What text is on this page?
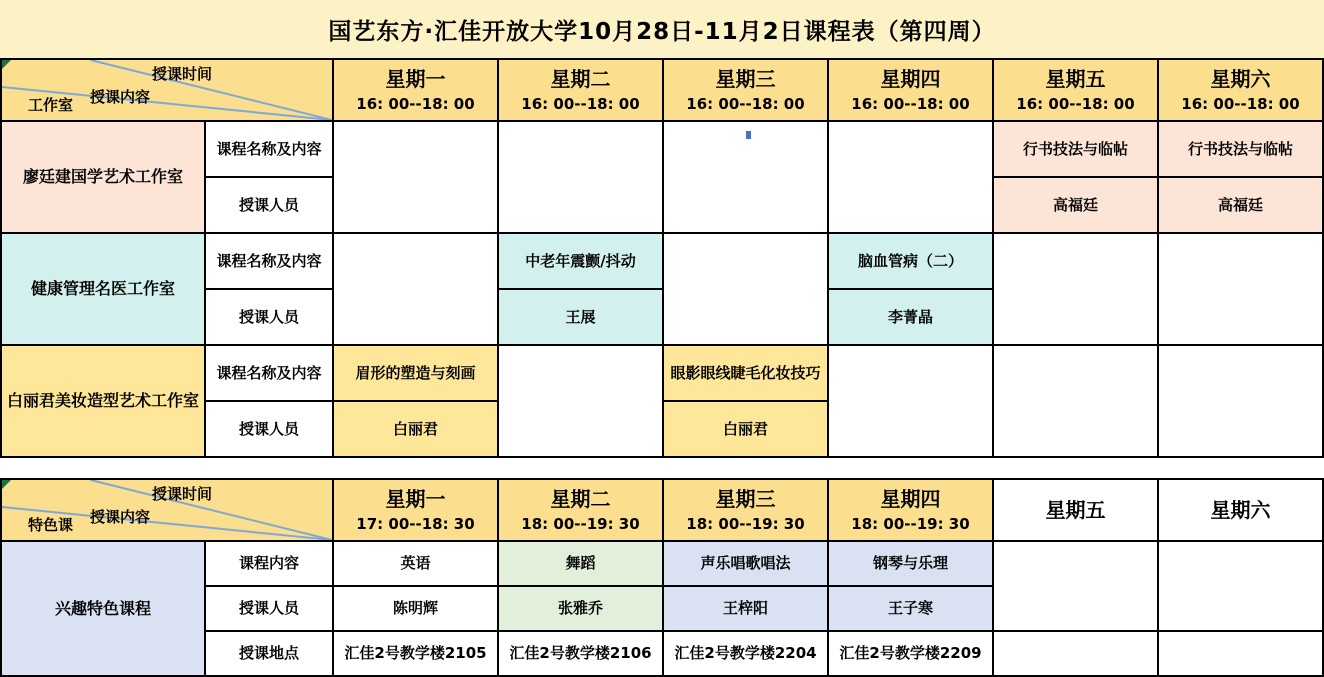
国艺东方·汇佳开放大学10月28日-11月2日课程表（第四周）
授课时间
授课内容
工作室
星期一
16: 00--18: 00
星期二
16: 00--18: 00
星期三
16: 00--18: 00
星期四
16: 00--18: 00
星期五
16: 00--18: 00
星期六
16: 00--18: 00
廖廷建国学艺术工作室
健康管理名医工作室
白丽君美妆造型艺术工作室
课程名称及内容
授课人员
课程名称及内容
授课人员
课程名称及内容
授课人员
眉形的塑造与刻画
白丽君
中老年震颤/抖动
王展
眼影眼线睫毛化妆技巧
白丽君
脑血管病（二）
李菁晶
行书技法与临帖
高福廷
行书技法与临帖
高福廷
授课时间
授课内容
特色课
星期一
17: 00--18: 30
星期二
18: 00--19: 30
星期三
18: 00--19: 30
星期四
18: 00--19: 30
星期五	星期六
兴趣特色课程
课程内容
授课人员
授课地点
英语
陈明辉
汇佳2号教学楼2105
舞蹈
张雅乔
汇佳2号教学楼2106
声乐唱歌唱法
王梓阳
汇佳2号教学楼2204
钢琴与乐理
王子寒
汇佳2号教学楼2209
